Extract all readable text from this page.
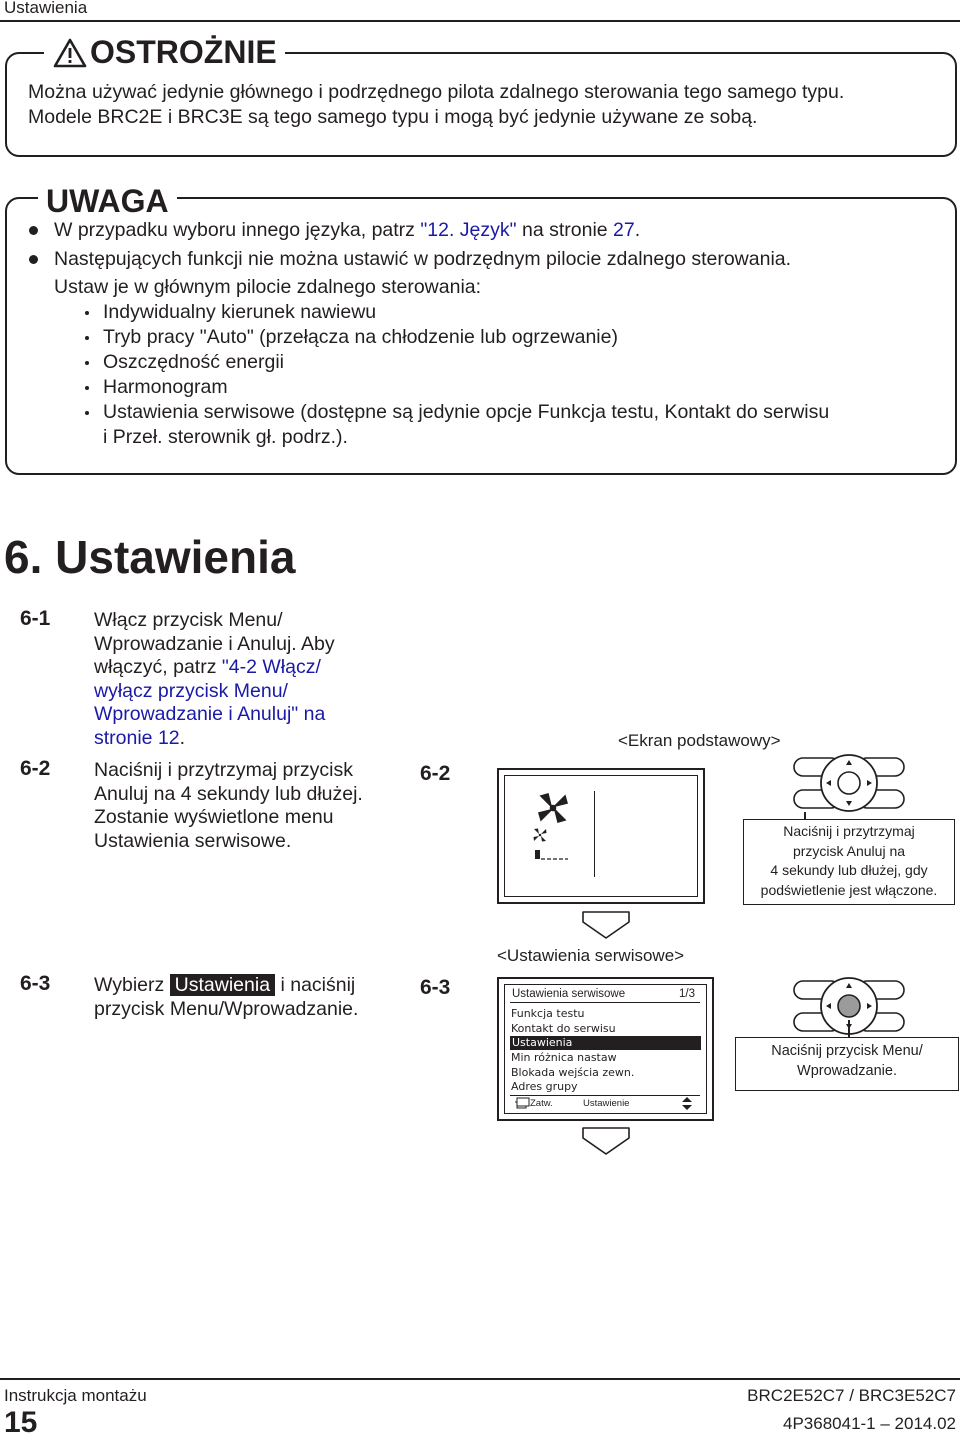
Ustawienia
OSTROŻNIE
Można używać jedynie głównego i podrzędnego pilota zdalnego sterowania tego samego typu.
Modele BRC2E i BRC3E są tego samego typu i mogą być jedynie używane ze sobą.
UWAGA
W przypadku wyboru innego języka, patrz "12. Język" na stronie 27.
Następujących funkcji nie można ustawić w podrzędnym pilocie zdalnego sterowania.
Ustaw je w głównym pilocie zdalnego sterowania:
Indywidualny kierunek nawiewu
Tryb pracy "Auto" (przełącza na chłodzenie lub ogrzewanie)
Oszczędność energii
Harmonogram
Ustawienia serwisowe (dostępne są jedynie opcje Funkcja testu, Kontakt do serwisu
i Przeł. sterownik gł. podrz.).
6. Ustawienia
6-1 Włącz przycisk Menu/
Wprowadzanie i Anuluj. Aby
włączyć, patrz "4-2 Włącz/
wyłącz przycisk Menu/
Wprowadzanie i Anuluj" na
stronie 12.
6-2 Naciśnij i przytrzymaj przycisk
Anuluj na 4 sekundy lub dłużej.
Zostanie wyświetlone menu
Ustawienia serwisowe.
6-2
<Ekran podstawowy>
Naciśnij i przytrzymaj
przycisk Anuluj na
4 sekundy lub dłużej, gdy
podświetlenie jest włączone.
6-3 Wybierz Ustawienia i naciśnij
przycisk Menu/Wprowadzanie.
6-3
<Ustawienia serwisowe>
Ustawienia serwisowe	1/3
Funkcja testu
Kontakt do serwisu
Ustawienia
Min różnica nastaw
Blokada wejścia zewn.
Adres grupy
Zatw.	Ustawienie
Naciśnij przycisk Menu/
Wprowadzanie.
Instrukcja montażu
15
BRC2E52C7 / BRC3E52C7
4P368041-1 – 2014.02
